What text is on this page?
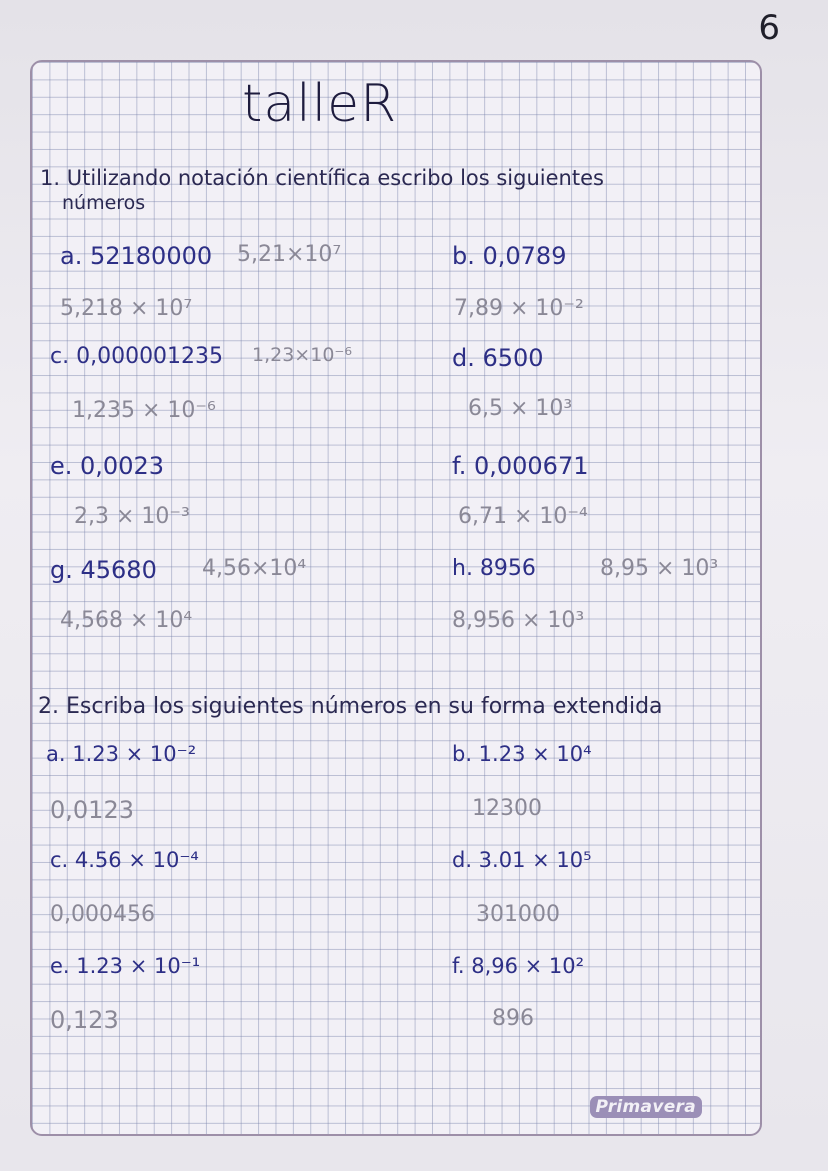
6
talleR
1. Utilizando notación científica escribo los siguientes
números
a. 52180000 5,21×10⁷
5,218 × 10⁷
c. 0,000001235 1,23×10⁻⁶
1,235 × 10⁻⁶
e. 0,0023
2,3 × 10⁻³
g. 45680 4,56×10⁴
4,568 × 10⁴
b. 0,0789
7,89 × 10⁻²
d. 6500
6,5 × 10³
f. 0,000671
6,71 × 10⁻⁴
h. 8956	8,95 × 10³
8,956 × 10³
2. Escriba los siguientes números en su forma extendida
a. 1.23 × 10⁻²
0,0123
c. 4.56 × 10⁻⁴
0,000456
e. 1.23 × 10⁻¹
0,123
b. 1.23 × 10⁴
12300
d. 3.01 × 10⁵
301000
f. 8,96 × 10²
896
Primavera
